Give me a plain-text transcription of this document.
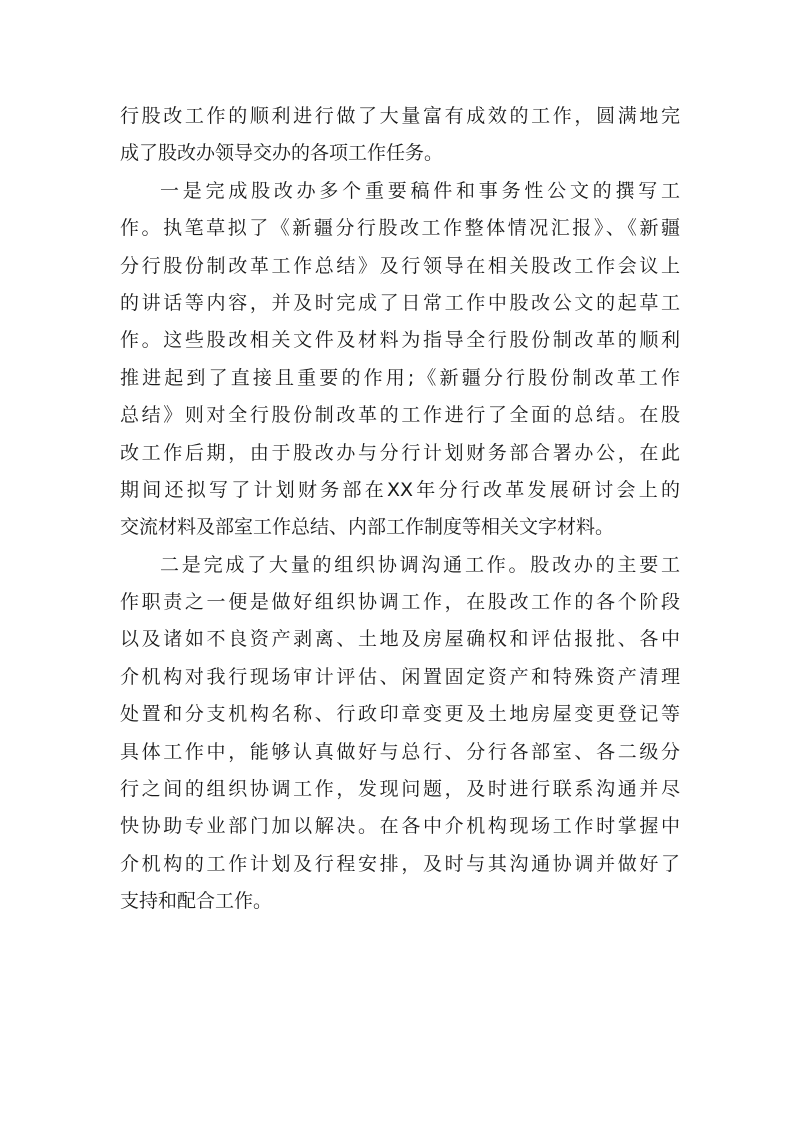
行股改工作的顺利进行做了大量富有成效的工作，圆满地完
成了股改办领导交办的各项工作任务。
一是完成股改办多个重要稿件和事务性公文的撰写工
作。执笔草拟了《新疆分行股改工作整体情况汇报》、《新疆
分行股份制改革工作总结》及行领导在相关股改工作会议上
的讲话等内容，并及时完成了日常工作中股改公文的起草工
作。这些股改相关文件及材料为指导全行股份制改革的顺利
推进起到了直接且重要的作用;《新疆分行股份制改革工作
总结》则对全行股份制改革的工作进行了全面的总结。在股
改工作后期，由于股改办与分行计划财务部合署办公，在此
期间还拟写了计划财务部在XX年分行改革发展研讨会上的
交流材料及部室工作总结、内部工作制度等相关文字材料。
二是完成了大量的组织协调沟通工作。股改办的主要工
作职责之一便是做好组织协调工作，在股改工作的各个阶段
以及诸如不良资产剥离、土地及房屋确权和评估报批、各中
介机构对我行现场审计评估、闲置固定资产和特殊资产清理
处置和分支机构名称、行政印章变更及土地房屋变更登记等
具体工作中，能够认真做好与总行、分行各部室、各二级分
行之间的组织协调工作，发现问题，及时进行联系沟通并尽
快协助专业部门加以解决。在各中介机构现场工作时掌握中
介机构的工作计划及行程安排，及时与其沟通协调并做好了
支持和配合工作。
